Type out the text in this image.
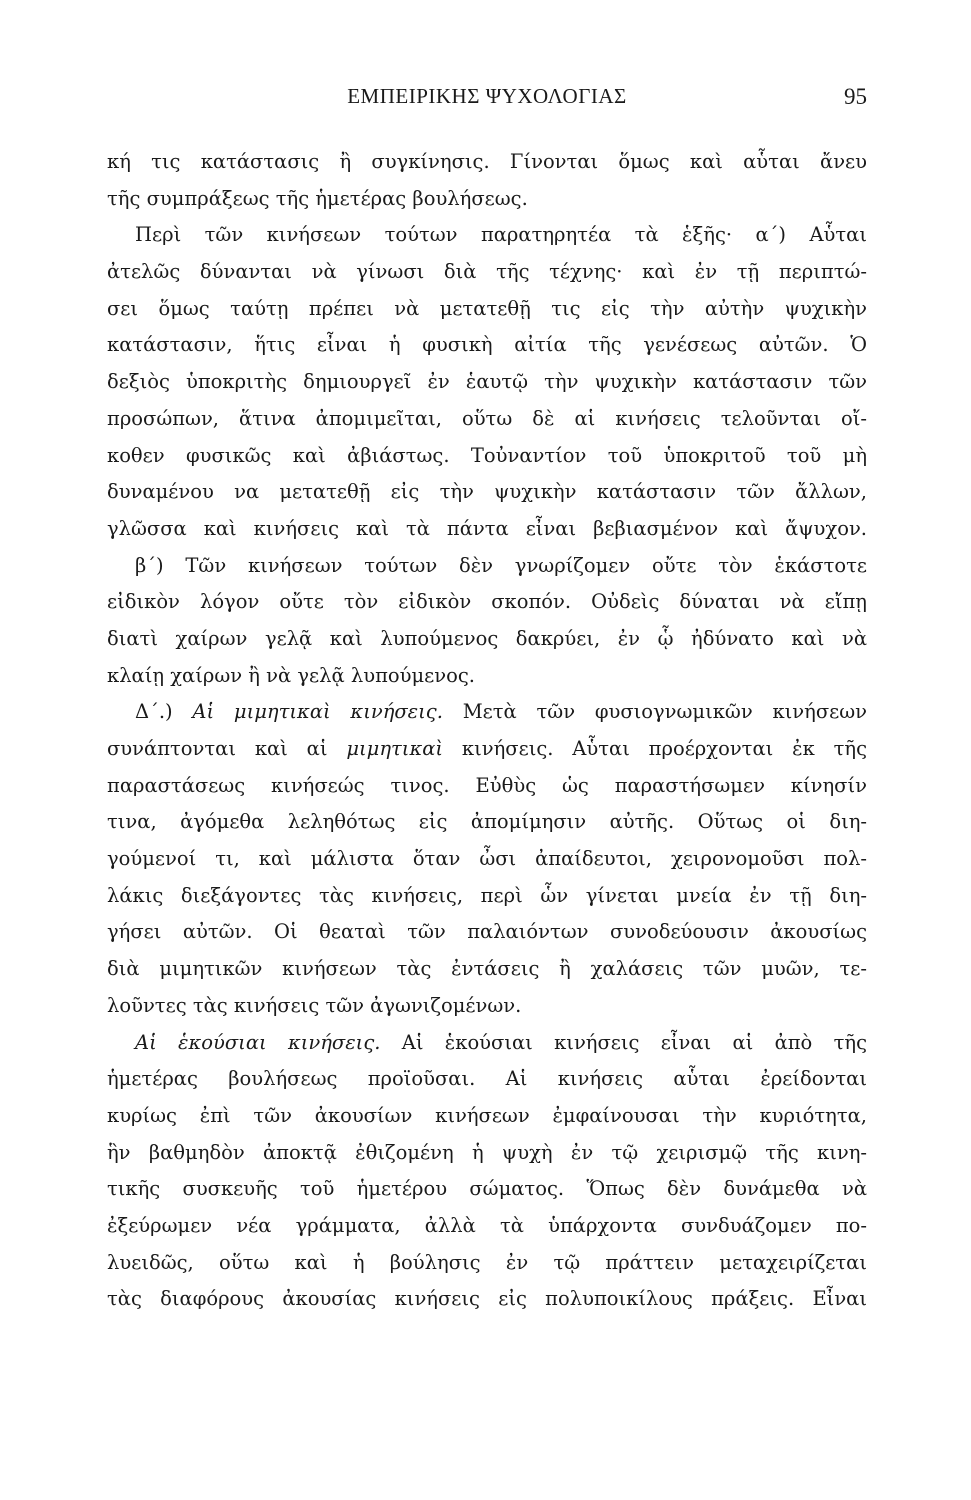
ΕΜΠΕΙΡΙΚΗΣ ΨΥΧΟΛΟΓΙΑΣ	95
κή τις κατάστασις ἢ συγκίνησις. Γίνονται ὅμως καὶ αὗται ἄνευ
τῆς συμπράξεως τῆς ἡμετέρας βουλήσεως.
Περὶ τῶν κινήσεων τούτων παρατηρητέα τὰ ἑξῆς· α΄) Αὗται
ἀτελῶς δύνανται νὰ γίνωσι διὰ τῆς τέχνης· καὶ ἐν τῇ περιπτώ-
σει ὅμως ταύτῃ πρέπει νὰ μετατεθῇ τις εἰς τὴν αὐτὴν ψυχικὴν
κατάστασιν, ἥτις εἶναι ἡ φυσικὴ αἰτία τῆς γενέσεως αὐτῶν. Ὁ
δεξιὸς ὑποκριτὴς δημιουργεῖ ἐν ἑαυτῷ τὴν ψυχικὴν κατάστασιν τῶν
προσώπων, ἅτινα ἀπομιμεῖται, οὕτω δὲ αἱ κινήσεις τελοῦνται οἴ-
κοθεν φυσικῶς καὶ ἀβιάστως. Τοὐναντίον τοῦ ὑποκριτοῦ τοῦ μὴ
δυναμένου να μετατεθῇ εἰς τὴν ψυχικὴν κατάστασιν τῶν ἄλλων,
γλῶσσα καὶ κινήσεις καὶ τὰ πάντα εἶναι βεβιασμένον καὶ ἄψυχον.
β΄) Τῶν κινήσεων τούτων δὲν γνωρίζομεν οὔτε τὸν ἑκάστοτε
εἰδικὸν λόγον οὔτε τὸν εἰδικὸν σκοπόν. Οὐδεὶς δύναται νὰ εἴπῃ
διατὶ χαίρων γελᾷ καὶ λυπούμενος δακρύει, ἐν ᾧ ἠδύνατο καὶ νὰ
κλαίῃ χαίρων ἢ νὰ γελᾷ λυπούμενος.
Δ΄.) Αἱ μιμητικαὶ κινήσεις. Μετὰ τῶν φυσιογνωμικῶν κινήσεων
συνάπτονται καὶ αἱ μιμητικαὶ κινήσεις. Αὗται προέρχονται ἐκ τῆς
παραστάσεως κινήσεώς τινος. Εὐθὺς ὡς παραστήσωμεν κίνησίν
τινα, ἀγόμεθα λεληθότως εἰς ἀπομίμησιν αὐτῆς. Οὕτως οἱ διη-
γούμενοί τι, καὶ μάλιστα ὅταν ὦσι ἀπαίδευτοι, χειρονομοῦσι πολ-
λάκις διεξάγοντες τὰς κινήσεις, περὶ ὧν γίνεται μνεία ἐν τῇ διη-
γήσει αὐτῶν. Οἱ θεαταὶ τῶν παλαιόντων συνοδεύουσιν ἀκουσίως
διὰ μιμητικῶν κινήσεων τὰς ἐντάσεις ἢ χαλάσεις τῶν μυῶν, τε-
λοῦντες τὰς κινήσεις τῶν ἀγωνιζομένων.
Αἱ ἑκούσιαι κινήσεις. Αἱ ἑκούσιαι κινήσεις εἶναι αἱ ἀπὸ τῆς
ἡμετέρας βουλήσεως προϊοῦσαι. Αἱ κινήσεις αὗται ἐρείδονται
κυρίως ἐπὶ τῶν ἀκουσίων κινήσεων ἐμφαίνουσαι τὴν κυριότητα,
ἣν βαθμηδὸν ἀποκτᾷ ἐθιζομένη ἡ ψυχὴ ἐν τῷ χειρισμῷ τῆς κινη-
τικῆς συσκευῆς τοῦ ἡμετέρου σώματος. Ὅπως δὲν δυνάμεθα νὰ
ἐξεύρωμεν νέα γράμματα, ἀλλὰ τὰ ὑπάρχοντα συνδυάζομεν πο-
λυειδῶς, οὕτω καὶ ἡ βούλησις ἐν τῷ πράττειν μεταχειρίζεται
τὰς διαφόρους ἀκουσίας κινήσεις εἰς πολυποικίλους πράξεις. Εἶναι
